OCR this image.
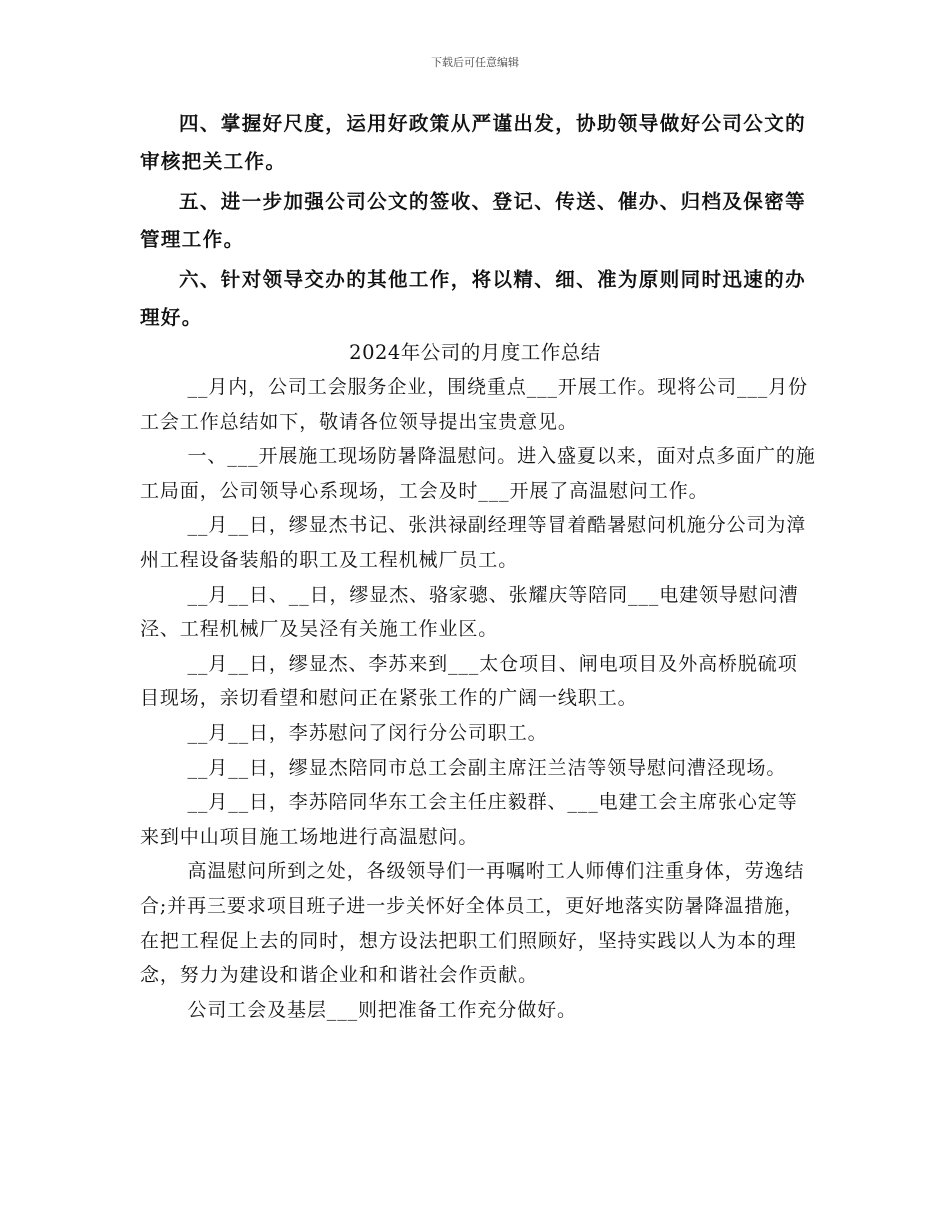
下载后可任意编辑

四、掌握好尺度，运用好政策从严谨出发，协助领导做好公司公文的审核把关工作。

五、进一步加强公司公文的签收、登记、传送、催办、归档及保密等管理工作。

六、针对领导交办的其他工作，将以精、细、准为原则同时迅速的办理好。

2024年公司的月度工作总结

__月内，公司工会服务企业，围绕重点___开展工作。现将公司___月份工会工作总结如下，敬请各位领导提出宝贵意见。

一、___开展施工现场防暑降温慰问。进入盛夏以来，面对点多面广的施工局面，公司领导心系现场，工会及时___开展了高温慰问工作。

__月__日，缪显杰书记、张洪禄副经理等冒着酷暑慰问机施分公司为漳州工程设备装船的职工及工程机械厂员工。

__月__日、__日，缪显杰、骆家骢、张耀庆等陪同___电建领导慰问漕泾、工程机械厂及吴泾有关施工作业区。

__月__日，缪显杰、李苏来到___太仓项目、闸电项目及外高桥脱硫项目现场，亲切看望和慰问正在紧张工作的广阔一线职工。

__月__日，李苏慰问了闵行分公司职工。

__月__日，缪显杰陪同市总工会副主席汪兰洁等领导慰问漕泾现场。

__月__日，李苏陪同华东工会主任庄毅群、___电建工会主席张心定等来到中山项目施工场地进行高温慰问。

高温慰问所到之处，各级领导们一再嘱咐工人师傅们注重身体，劳逸结合;并再三要求项目班子进一步关怀好全体员工，更好地落实防暑降温措施，在把工程促上去的同时，想方设法把职工们照顾好，坚持实践以人为本的理念，努力为建设和谐企业和和谐社会作贡献。

公司工会及基层___则把准备工作充分做好。
